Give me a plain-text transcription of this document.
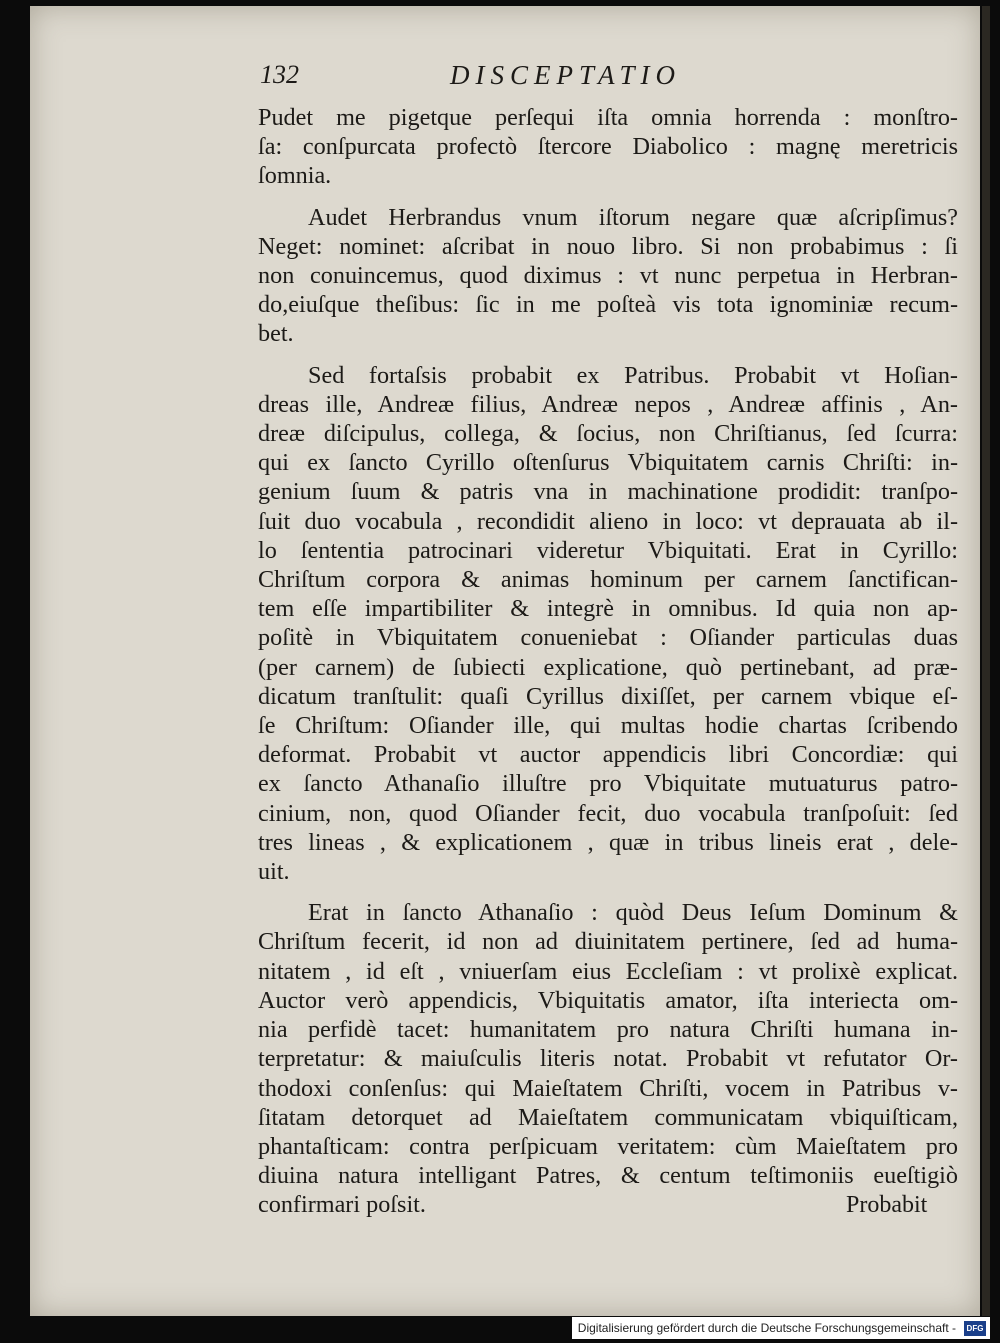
132	DISCEPTATIO
Pudet me pigetque perſequi iſta omnia horrenda : monſtro-
ſa: conſpurcata profectò ſtercore Diabolico : magnę meretricis
ſomnia.
Audet Herbrandus vnum iſtorum negare quæ aſcripſimus?
Neget: nominet: aſcribat in nouo libro. Si non probabimus : ſi
non conuincemus, quod diximus : vt nunc perpetua in Herbran-
do,eiuſque theſibus: ſic in me poſteà vis tota ignominiæ recum-
bet.
Sed fortaſsis probabit ex Patribus. Probabit vt Hoſian-
dreas ille, Andreæ filius, Andreæ nepos , Andreæ affinis , An-
dreæ diſcipulus, collega, & ſocius, non Chriſtianus, ſed ſcurra:
qui ex ſancto Cyrillo oſtenſurus Vbiquitatem carnis Chriſti: in-
genium ſuum & patris vna in machinatione prodidit: tranſpo-
ſuit duo vocabula , recondidit alieno in loco: vt deprauata ab il-
lo ſententia patrocinari videretur Vbiquitati. Erat in Cyrillo:
Chriſtum corpora & animas hominum per carnem ſanctifican-
tem eſſe impartibiliter & integrè in omnibus. Id quia non ap-
poſitè in Vbiquitatem conueniebat : Oſiander particulas duas
(per carnem) de ſubiecti explicatione, quò pertinebant, ad præ-
dicatum tranſtulit: quaſi Cyrillus dixiſſet, per carnem vbique eſ-
ſe Chriſtum: Oſiander ille, qui multas hodie chartas ſcribendo
deformat. Probabit vt auctor appendicis libri Concordiæ: qui
ex ſancto Athanaſio illuſtre pro Vbiquitate mutuaturus patro-
cinium, non, quod Oſiander fecit, duo vocabula tranſpoſuit: ſed
tres lineas , & explicationem , quæ in tribus lineis erat , dele-
uit.
Erat in ſancto Athanaſio : quòd Deus Ieſum Dominum &
Chriſtum fecerit, id non ad diuinitatem pertinere, ſed ad huma-
nitatem , id eſt , vniuerſam eius Eccleſiam : vt prolixè explicat.
Auctor verò appendicis, Vbiquitatis amator, iſta interiecta om-
nia perfidè tacet: humanitatem pro natura Chriſti humana in-
terpretatur: & maiuſculis literis notat. Probabit vt refutator Or-
thodoxi conſenſus: qui Maieſtatem Chriſti, vocem in Patribus v-
ſitatam detorquet ad Maieſtatem communicatam vbiquiſticam,
phantaſticam: contra perſpicuam veritatem: cùm Maieſtatem pro
diuina natura intelligant Patres, & centum teſtimoniis eueſtigiò
confirmari poſsit.	Probabit
Digitalisierung gefördert durch die Deutsche Forschungsgemeinschaft -	DFG
